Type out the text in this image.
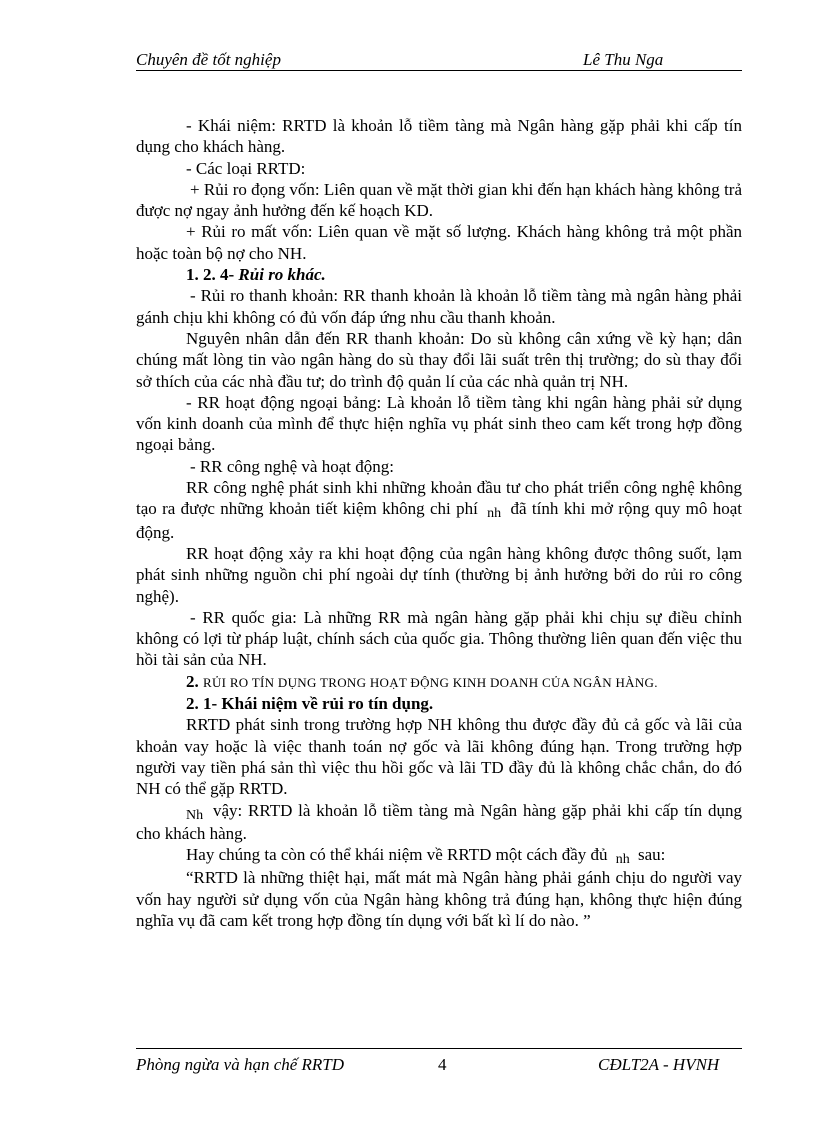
Chuyên đề tốt nghiệp	Lê Thu Nga

- Khái niệm: RRTD là khoản lỗ tiềm tàng mà Ngân hàng gặp phải khi cấp tín dụng cho khách hàng.

- Các loại RRTD:

+ Rủi ro đọng vốn: Liên quan về mặt thời gian khi đến hạn khách hàng không trả được nợ ngay ảnh hưởng đến kế hoạch KD.

+ Rủi ro mất vốn: Liên quan về mặt số lượng. Khách hàng không trả một phần hoặc toàn bộ nợ cho NH.

1. 2. 4- Rủi ro khác.

- Rủi ro thanh khoản: RR thanh khoản là khoản lỗ tiềm tàng mà ngân hàng phải gánh chịu khi không có đủ vốn đáp ứng nhu cầu thanh khoản.

Nguyên nhân dẫn đến RR thanh khoản: Do sù không cân xứng về kỳ hạn; dân chúng mất lòng tin vào ngân hàng do sù thay đổi lãi suất trên thị trường; do sù thay đổi sở thích của các nhà đầu tư; do trình độ quản lí của các nhà quản trị NH.

- RR hoạt động ngoại bảng: Là khoản lỗ tiềm tàng khi ngân hàng phải sử dụng vốn kinh doanh của mình để thực hiện nghĩa vụ phát sinh theo cam kết trong hợp đồng ngoại bảng.

- RR công nghệ và hoạt động:

RR công nghệ phát sinh khi những khoản đầu tư cho phát triển công nghệ không tạo ra được những khoản tiết kiệm không chi phí nh đã tính khi mở rộng quy mô hoạt động.

RR hoạt động xảy ra khi hoạt động của ngân hàng không được thông suốt, lạm phát sinh những nguồn chi phí ngoài dự tính (thường bị ảnh hưởng bởi do rủi ro công nghệ).

- RR quốc gia: Là những RR mà ngân hàng gặp phải khi chịu sự điều chỉnh không có lợi từ pháp luật, chính sách của quốc gia. Thông thường liên quan đến việc thu hồi tài sản của NH.

2. RỦI RO TÍN DỤNG TRONG HOẠT ĐỘNG KINH DOANH CỦA NGÂN HÀNG.

2. 1- Khái niệm về rủi ro tín dụng.

RRTD phát sinh trong trường hợp NH không thu được đầy đủ cả gốc và lãi của khoản vay hoặc là việc thanh toán nợ gốc và lãi không đúng hạn. Trong trường hợp người vay tiền phá sản thì việc thu hồi gốc và lãi TD đầy đủ là không chắc chắn, do đó NH có thể gặp RRTD.

Nh vậy: RRTD là khoản lỗ tiềm tàng mà Ngân hàng gặp phải khi cấp tín dụng cho khách hàng.

Hay chúng ta còn có thể khái niệm về RRTD một cách đầy đủ nh sau:

“RRTD là những thiệt hại, mất mát mà Ngân hàng phải gánh chịu do người vay vốn hay người sử dụng vốn của Ngân hàng không trả đúng hạn, không thực hiện đúng nghĩa vụ đã cam kết trong hợp đồng tín dụng với bất kì lí do nào. ”

Phòng ngừa và hạn chế RRTD	4	CĐLT2A - HVNH
